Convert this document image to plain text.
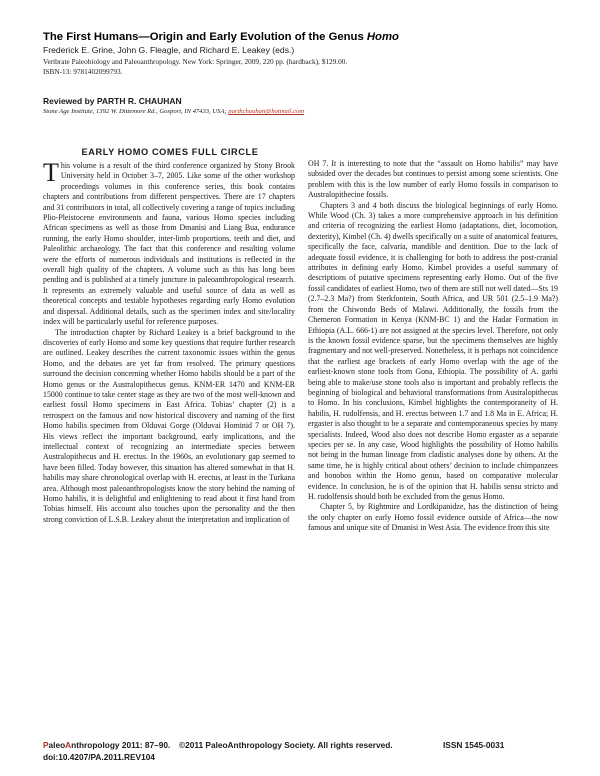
The First Humans—Origin and Early Evolution of the Genus Homo
Frederick E. Grine, John G. Fleagle, and Richard E. Leakey (eds.)
Vertbrate Paleobiology and Paleoanthropology. New York: Springer, 2009, 220 pp. (hardback), $129.00.
ISBN-13: 9781402099793.
Reviewed by PARTH R. CHAUHAN
Stone Age Institute, 1392 W. Dittemore Rd., Gosport, IN 47433, USA; parthchauhan@hotmail.com
EARLY HOMO COMES FULL CIRCLE

This volume is a result of the third conference organized by Stony Brook University held in October 3–7, 2005. Like some of the other workshop proceedings volumes in this conference series, this book contains chapters and contributions from different perspectives. There are 17 chapters and 31 contributors in total, all collectively covering a range of topics including Plio-Pleistocene environments and fauna, various Homo species including African specimens as well as those from Dmanisi and Liang Bua, endurance running, the early Homo shoulder, inter-limb proportions, teeth and diet, and Paleolithic archaeology. The fact that this conference and resulting volume were the efforts of numerous individuals and institutions is reflected in the overall high quality of the chapters. A volume such as this has long been pending and is published at a timely juncture in paleoanthropological research. It represents an extremely valuable and useful source of data as well as theoretical concepts and testable hypotheses regarding early Homo evolution and dispersal. Additional details, such as the specimen index and site/locality index will be particularly useful for reference purposes.

The introduction chapter by Richard Leakey is a brief background to the discoveries of early Homo and some key questions that require further research are outlined. Leakey describes the current taxonomic issues within the genus Homo, and the debates are yet far from resolved. The primary questions surround the decision concerning whether Homo habilis should be a part of the Homo genus or the Australopithecus genus. KNM-ER 1470 and KNM-ER 15000 continue to take center stage as they are two of the most well-known and earliest fossil Homo specimens in East Africa. Tobias’ chapter (2) is a retrospect on the famous and now historical discovery and naming of the first Homo habilis specimen from Olduvai Gorge (Olduvai Hominid 7 or OH 7). His views reflect the important background, early implications, and the intellectual context of recognizing an intermediate species between Australopithecus and H. erectus. In the 1960s, an evolutionary gap seemed to have been filled. Today however, this situation has altered somewhat in that H. habilis may share chronological overlap with H. erectus, at least in the Turkana area. Although most paleoanthropologists know the story behind the naming of Homo habilis, it is delightful and enlightening to read about it first hand from Tobias himself. His account also touches upon the personality and the then strong conviction of L.S.B. Leakey about the interpretation and implication of

OH 7. It is interesting to note that the “assault on Homo habilis” may have subsided over the decades but continues to persist among some scientists. One problem with this is the low number of early Homo fossils in comparison to Australopithecine fossils.

Chapters 3 and 4 both discuss the biological beginnings of early Homo. While Wood (Ch. 3) takes a more comprehensive approach in his definition and criteria of recognizing the earliest Homo (adaptations, diet, locomotion, dexterity), Kimbel (Ch. 4) dwells specifically on a suite of anatomical features, specifically the face, calvaria, mandible and dentition. Due to the lack of adequate fossil evidence, it is challenging for both to address the post-cranial attributes in defining early Homo. Kimbel provides a useful summary of descriptions of putative specimens representing early Homo. Out of the five fossil candidates of earliest Homo, two of them are still not well dated—Sts 19 (2.7–2.3 Ma?) from Sterkfontein, South Africa, and UR 501 (2.5–1.9 Ma?) from the Chiwondo Beds of Malawi. Additionally, the fossils from the Chemeron Formation in Kenya (KNM-BC 1) and the Hadar Formation in Ethiopia (A.L. 666-1) are not assigned at the species level. Therefore, not only is the known fossil evidence sparse, but the specimens themselves are highly fragmentary and not well-preserved. Nonetheless, it is perhaps not coincidence that the earliest age brackets of early Homo overlap with the age of the earliest-known stone tools from Gona, Ethiopia. The possibility of A. garhi being able to make/use stone tools also is important and probably reflects the beginning of biological and behavioral transformations from Australopithecus to Homo. In his conclusions, Kimbel highlights the contemporaneity of H. habilis, H. rudolfensis, and H. erectus between 1.7 and 1.8 Ma in E. Africa; H. ergaster is also thought to be a separate and contemporaneous species by many specialists. Indeed, Wood also does not describe Homo ergaster as a separate species per se. In any case, Wood highlights the possibility of Homo habilis not being in the human lineage from cladistic analyses done by others. At the same time, he is highly critical about others’ decision to include chimpanzees and bonobos within the Homo genus, based on comparative molecular evidence. In conclusion, he is of the opinion that H. habilis sensu stricto and H. rudolfensis should both be excluded from the genus Homo.

Chapter 5, by Rightmire and Lordkipanidze, has the distinction of being the only chapter on early Homo fossil evidence outside of Africa—the now famous and unique site of Dmanisi in West Asia. The evidence from this site

PaleoAnthropology 2011: 87–90. ©2011 PaleoAnthropology Society. All rights reserved.	ISSN 1545-0031
doi:10.4207/PA.2011.REV104
